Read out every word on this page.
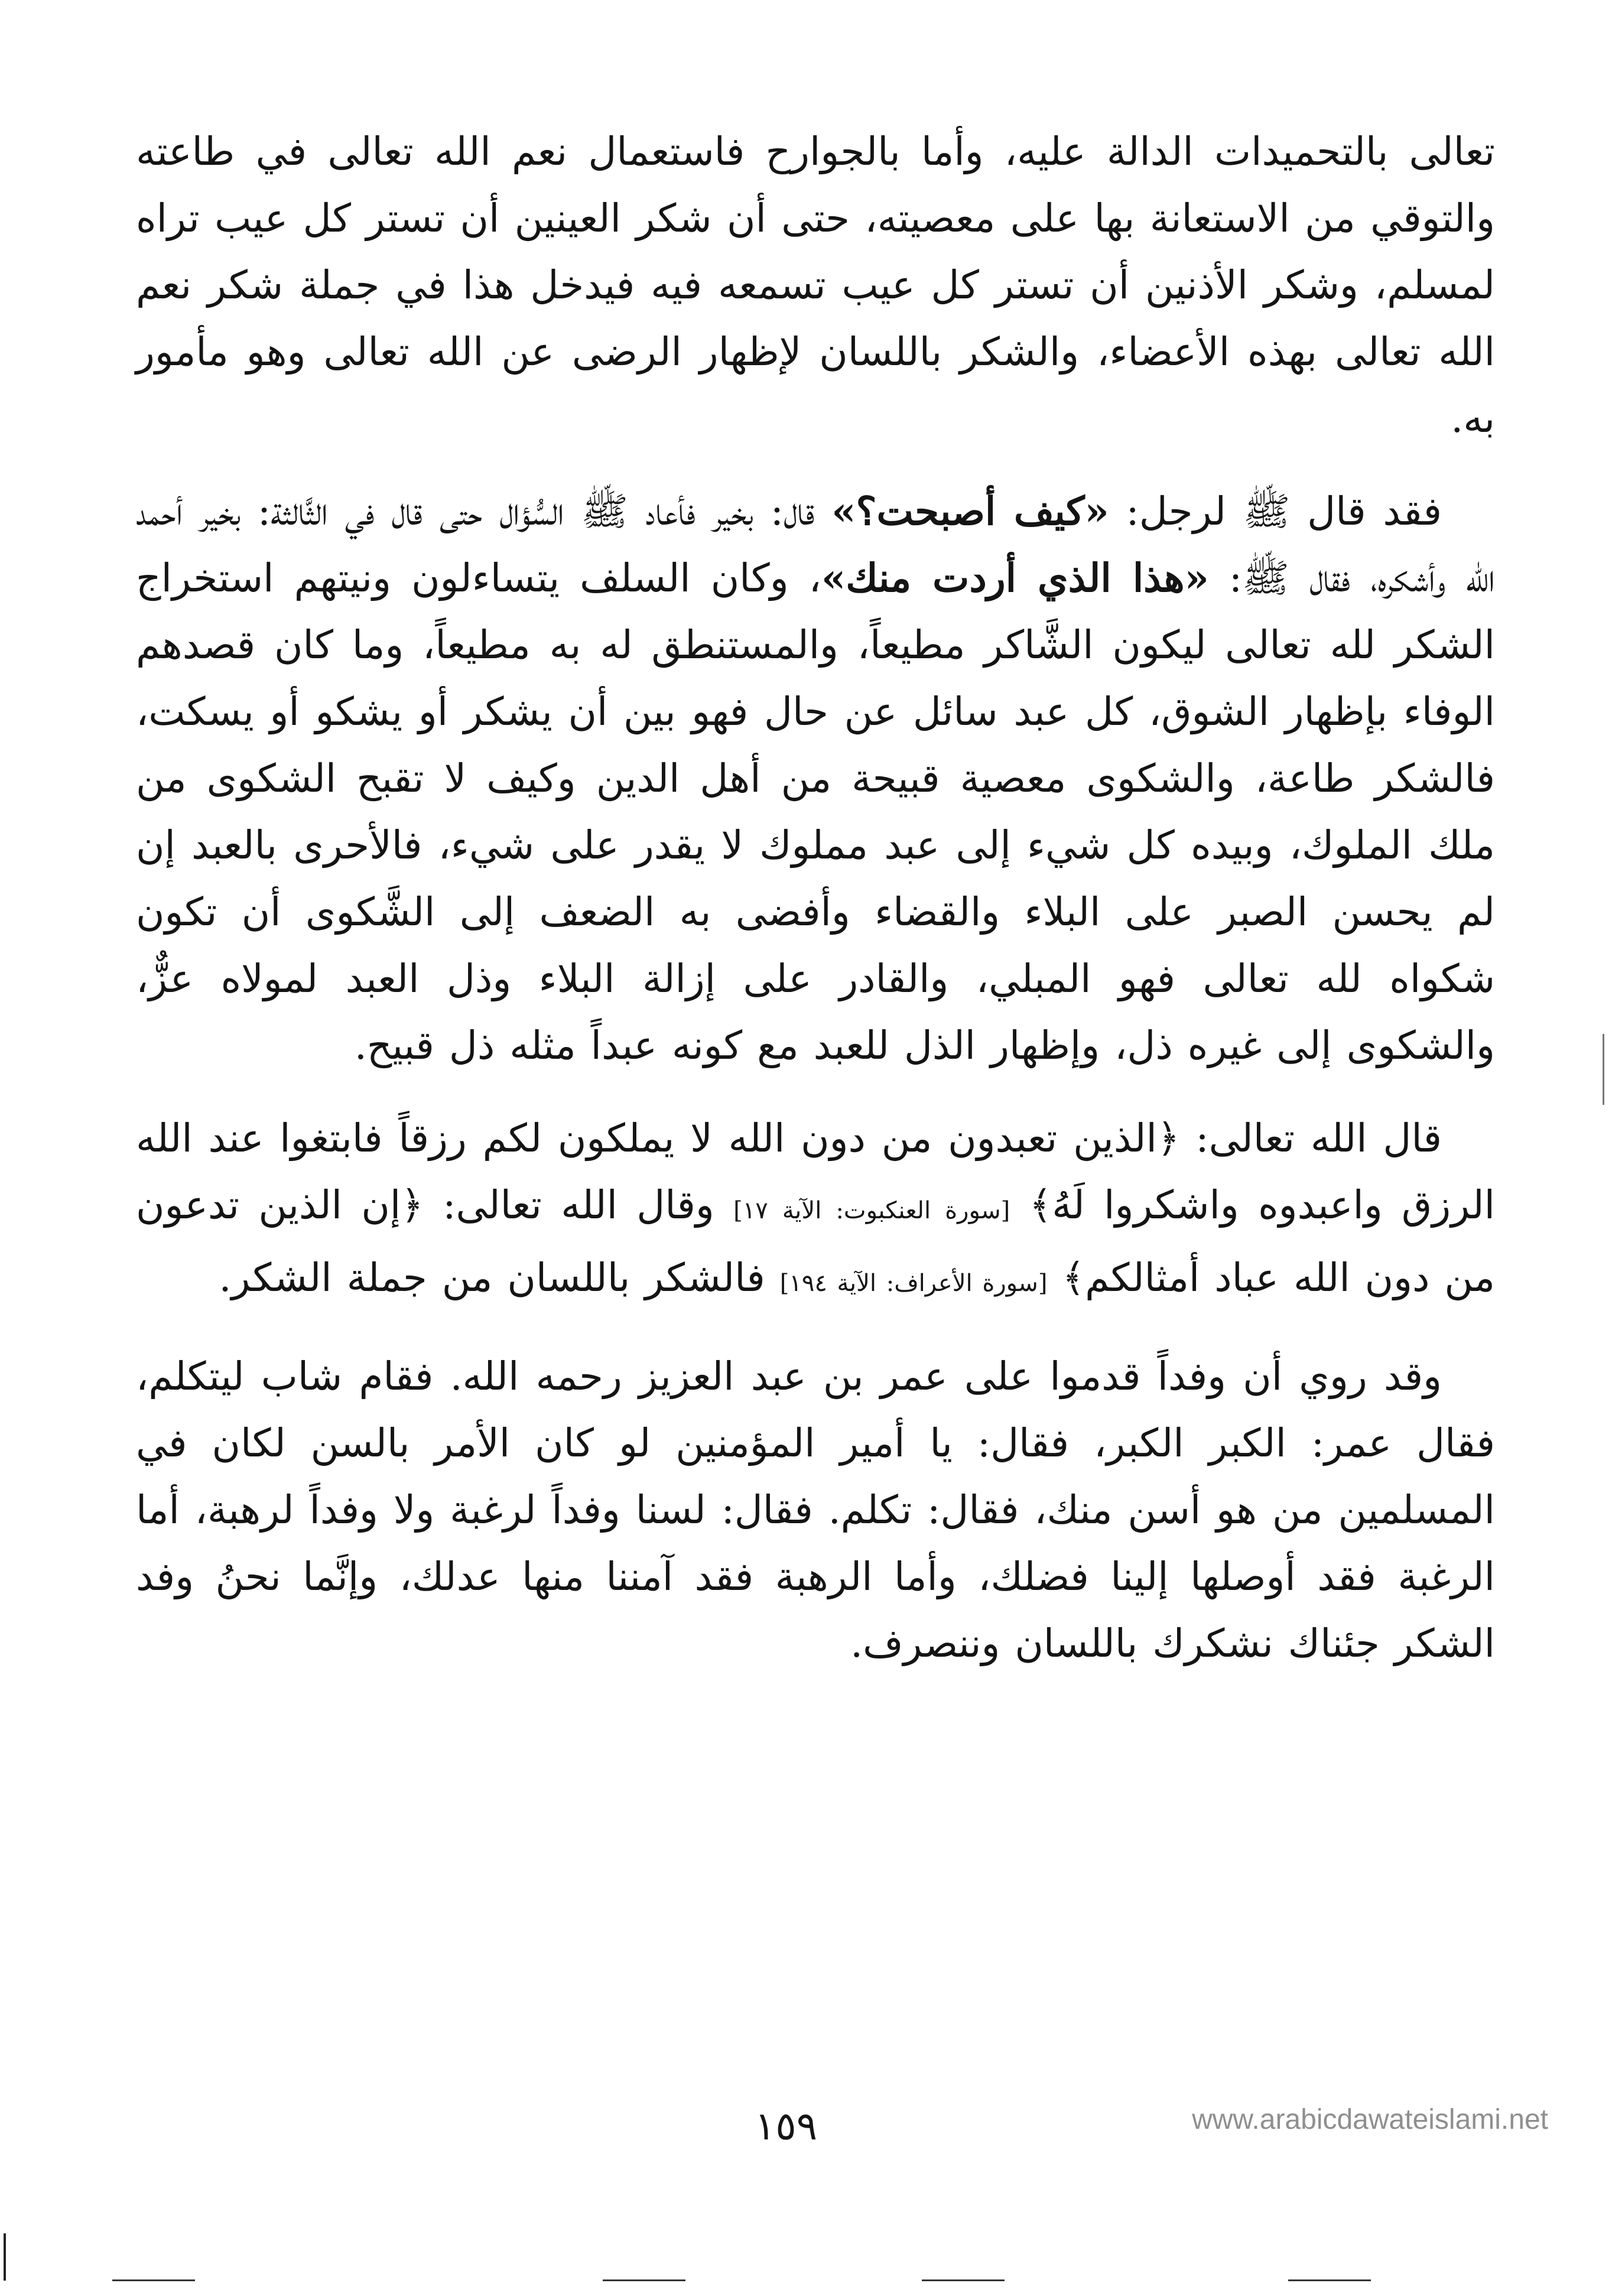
تعالى بالتحميدات الدالة عليه، وأما بالجوارح فاستعمال نعم الله تعالى في طاعته والتوقي من الاستعانة بها على معصيته، حتى أن شكر العينين أن تستر كل عيب تراه لمسلم، وشكر الأذنين أن تستر كل عيب تسمعه فيه فيدخل هذا في جملة شكر نعم الله تعالى بهذه الأعضاء، والشكر باللسان لإظهار الرضى عن الله تعالى وهو مأمور به.

فقد قال ﷺ لرجل: «كيف أصبحت؟» قال: بخير فأعاد ﷺ السُّؤال حتى قال في الثَّالثة: بخير أحمد الله وأشكره، فقال ﷺ: «هذا الذي أردت منك»، وكان السلف يتساءلون ونيتهم استخراج الشكر لله تعالى ليكون الشَّاكر مطيعاً، والمستنطق له به مطيعاً، وما كان قصدهم الوفاء بإظهار الشوق، كل عبد سائل عن حال فهو بين أن يشكر أو يشكو أو يسكت، فالشكر طاعة، والشكوى معصية قبيحة من أهل الدين وكيف لا تقبح الشكوى من ملك الملوك، وبيده كل شيء إلى عبد مملوك لا يقدر على شيء، فالأحرى بالعبد إن لم يحسن الصبر على البلاء والقضاء وأفضى به الضعف إلى الشَّكوى أن تكون شكواه لله تعالى فهو المبلي، والقادر على إزالة البلاء وذل العبد لمولاه عزٌّ، والشكوى إلى غيره ذل، وإظهار الذل للعبد مع كونه عبداً مثله ذل قبيح.

قال الله تعالى: ﴿الذين تعبدون من دون الله لا يملكون لكم رزقاً فابتغوا عند الله الرزق واعبدوه واشكروا لَهُ﴾ [سورة العنكبوت: الآية ١٧] وقال الله تعالى: ﴿إن الذين تدعون من دون الله عباد أمثالكم﴾ [سورة الأعراف: الآية ١٩٤] فالشكر باللسان من جملة الشكر.

وقد روي أن وفداً قدموا على عمر بن عبد العزيز رحمه الله. فقام شاب ليتكلم، فقال عمر: الكبر الكبر، فقال: يا أمير المؤمنين لو كان الأمر بالسن لكان في المسلمين من هو أسن منك، فقال: تكلم. فقال: لسنا وفداً لرغبة ولا وفداً لرهبة، أما الرغبة فقد أوصلها إلينا فضلك، وأما الرهبة فقد آمننا منها عدلك، وإنَّما نحنُ وفد الشكر جئناك نشكرك باللسان وننصرف.

١٥٩	www.arabicdawateislami.net
